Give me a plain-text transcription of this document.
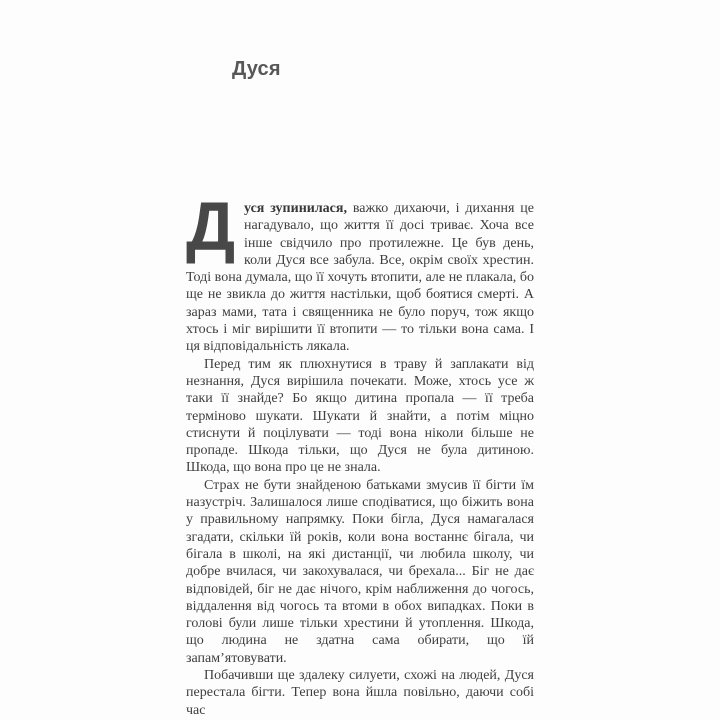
Дуся

Дуся зупинилася, важко дихаючи, і дихання це нагадувало, що життя її досі триває. Хоча все інше свідчило про протилежне. Це був день, коли Дуся все забула. Все, окрім своїх хрестин. Тоді вона думала, що її хочуть втопити, але не плакала, бо ще не звикла до життя настільки, щоб боятися смерті. А зараз мами, тата і священника не було поруч, тож якщо хтось і міг вирішити її втопити — то тільки вона сама. І ця відповідальність лякала.

Перед тим як плюхнутися в траву й заплакати від незнання, Дуся вирішила почекати. Може, хтось усе ж таки її знайде? Бо якщо дитина пропала — її треба терміново шукати. Шукати й знайти, а потім міцно стиснути й поцілувати — тоді вона ніколи більше не пропаде. Шкода тільки, що Дуся не була дитиною. Шкода, що вона про це не знала.

Страх не бути знайденою батьками змусив її бігти їм назустріч. Залишалося лише сподіватися, що біжить вона у правильному напрямку. Поки бігла, Дуся намагалася згадати, скільки їй років, коли вона востаннє бігала, чи бігала в школі, на які дистанції, чи любила школу, чи добре вчилася, чи закохувалася, чи брехала... Біг не дає відповідей, біг не дає нічого, крім наближення до чогось, віддалення від чогось та втоми в обох випадках. Поки в голові були лише тільки хрестини й утоплення. Шкода, що людина не здатна сама обирати, що їй запам’ятовувати.

Побачивши ще здалеку силуети, схожі на людей, Дуся перестала бігти. Тепер вона йшла повільно, даючи собі час
